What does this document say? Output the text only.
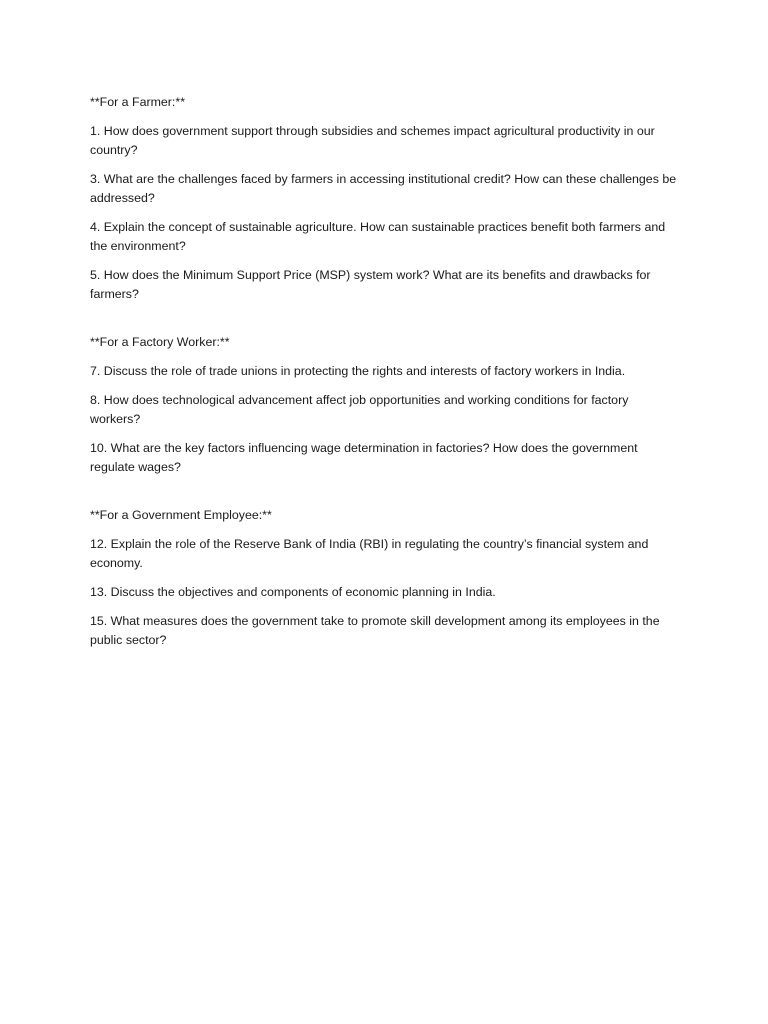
**For a Farmer:**

1. How does government support through subsidies and schemes impact agricultural productivity in our country?

3. What are the challenges faced by farmers in accessing institutional credit? How can these challenges be addressed?

4. Explain the concept of sustainable agriculture. How can sustainable practices benefit both farmers and the environment?

5. How does the Minimum Support Price (MSP) system work? What are its benefits and drawbacks for farmers?

**For a Factory Worker:**

7. Discuss the role of trade unions in protecting the rights and interests of factory workers in India.

8. How does technological advancement affect job opportunities and working conditions for factory workers?

10. What are the key factors influencing wage determination in factories? How does the government regulate wages?

**For a Government Employee:**

12. Explain the role of the Reserve Bank of India (RBI) in regulating the country’s financial system and economy.

13. Discuss the objectives and components of economic planning in India.

15. What measures does the government take to promote skill development among its employees in the public sector?
